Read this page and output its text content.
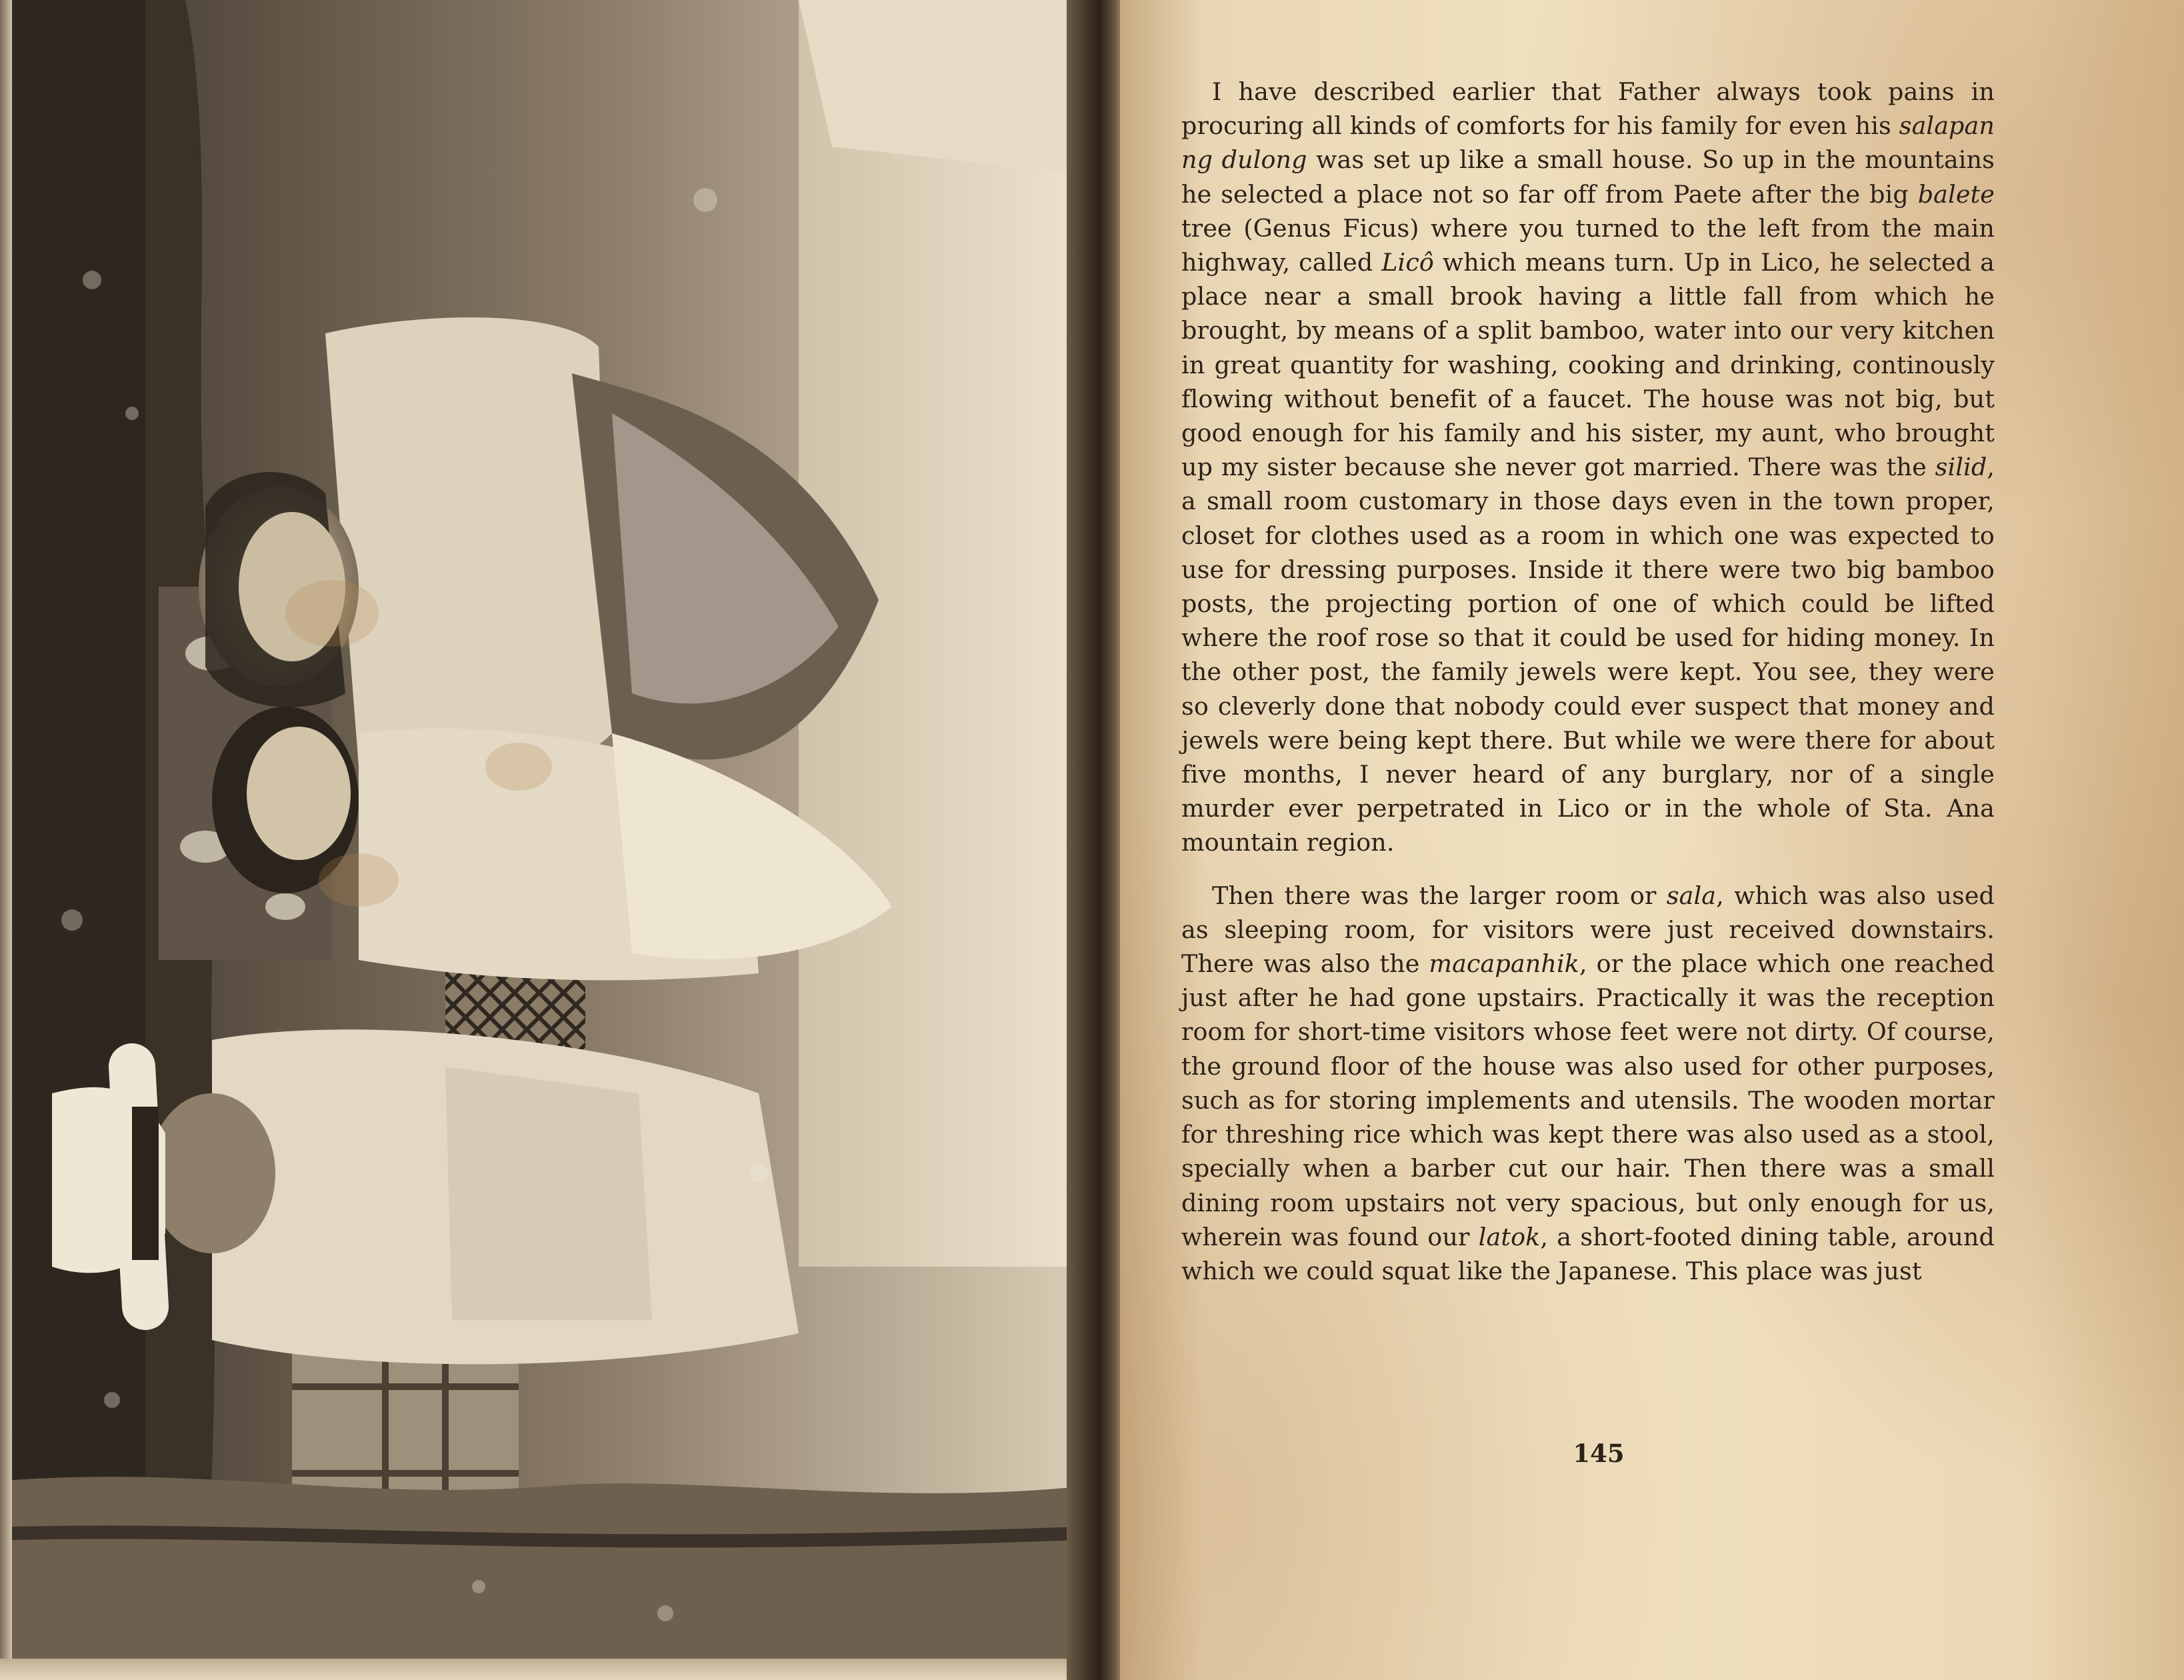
I have described earlier that Father always took pains in procuring all kinds of comforts for his family for even his salapan ng dulong was set up like a small house. So up in the mountains he selected a place not so far off from Paete after the big balete tree (Genus Ficus) where you turned to the left from the main highway, called Licô which means turn. Up in Lico, he selected a place near a small brook having a little fall from which he brought, by means of a split bamboo, water into our very kitchen in great quantity for washing, cooking and drinking, continously flowing without benefit of a faucet. The house was not big, but good enough for his family and his sister, my aunt, who brought up my sister because she never got married. There was the silid, a small room customary in those days even in the town proper, closet for clothes used as a room in which one was expected to use for dressing purposes. Inside it there were two big bamboo posts, the projecting portion of one of which could be lifted where the roof rose so that it could be used for hiding money. In the other post, the family jewels were kept. You see, they were so cleverly done that nobody could ever suspect that money and jewels were being kept there. But while we were there for about five months, I never heard of any burglary, nor of a single murder ever perpetrated in Lico or in the whole of Sta. Ana mountain region.

Then there was the larger room or sala, which was also used as sleeping room, for visitors were just received downstairs. There was also the macapanhik, or the place which one reached just after he had gone upstairs. Practically it was the reception room for short-time visitors whose feet were not dirty. Of course, the ground floor of the house was also used for other purposes, such as for storing implements and utensils. The wooden mortar for threshing rice which was kept there was also used as a stool, specially when a barber cut our hair. Then there was a small dining room upstairs not very spacious, but only enough for us, wherein was found our latok, a short-footed dining table, around which we could squat like the Japanese. This place was just

145
